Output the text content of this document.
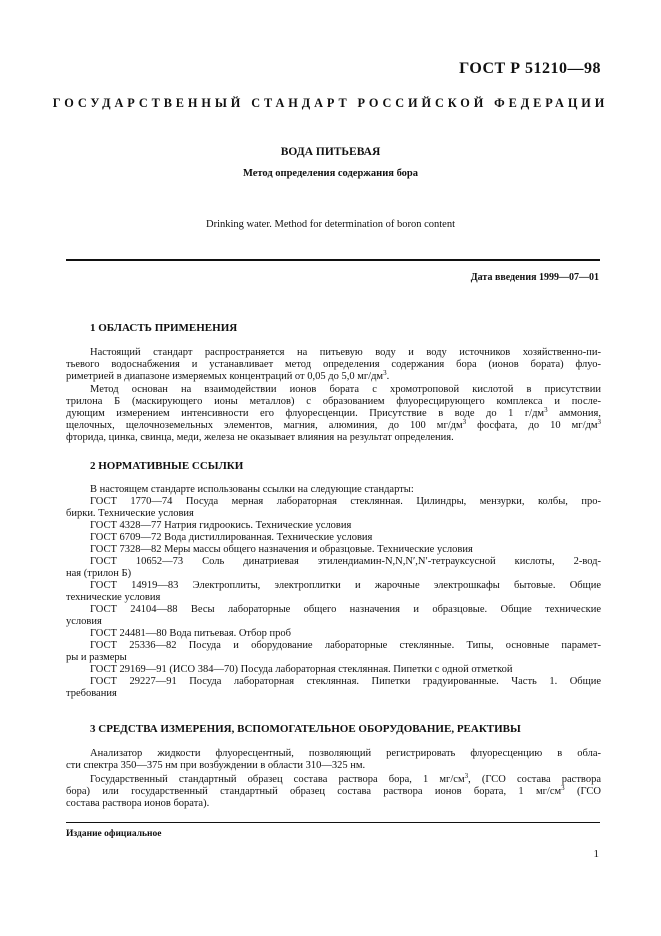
ГОСТ Р 51210—98
ГОСУДАРСТВЕННЫЙ СТАНДАРТ РОССИЙСКОЙ ФЕДЕРАЦИИ
ВОДА ПИТЬЕВАЯ
Метод определения содержания бора
Drinking water. Method for determination of boron content
Дата введения 1999—07—01
1 ОБЛАСТЬ ПРИМЕНЕНИЯ
Настоящий стандарт распространяется на питьевую воду и воду источников хозяйственно-пи-
тьевого водоснабжения и устанавливает метод определения содержания бора (ионов бората) флуо-
риметрией в диапазоне измеряемых концентраций от 0,05 до 5,0 $мг/дм^3$.
Метод основан на взаимодействии ионов бората с хромотроповой кислотой в присутствии
трилона Б (маскирующего ионы металлов) с образованием флуоресцирующего комплекса и после-
дующим измерением интенсивности его флуоресценции. Присутствие в воде до 1 $г/дм^3$ аммония,
щелочных, щелочноземельных элементов, магния, алюминия, до 100 $мг/дм^3$ фосфата, до 10 $мг/дм^3$
фторида, цинка, свинца, меди, железа не оказывает влияния на результат определения.
2 НОРМАТИВНЫЕ ССЫЛКИ
В настоящем стандарте использованы ссылки на следующие стандарты:
ГОСТ 1770—74 Посуда мерная лабораторная стеклянная. Цилиндры, мензурки, колбы, про-
бирки. Технические условия
ГОСТ 4328—77 Натрия гидроокись. Технические условия
ГОСТ 6709—72 Вода дистиллированная. Технические условия
ГОСТ 7328—82 Меры массы общего назначения и образцовые. Технические условия
ГОСТ 10652—73 Соль динатриевая этилендиамин-N,N,N′,N′-тетрауксусной кислоты, 2-вод-
ная (трилон Б)
ГОСТ 14919—83 Электроплиты, электроплитки и жарочные электрошкафы бытовые. Общие
технические условия
ГОСТ 24104—88 Весы лабораторные общего назначения и образцовые. Общие технические
условия
ГОСТ 24481—80 Вода питьевая. Отбор проб
ГОСТ 25336—82 Посуда и оборудование лабораторные стеклянные. Типы, основные парамет-
ры и размеры
ГОСТ 29169—91 (ИСО 384—70) Посуда лабораторная стеклянная. Пипетки с одной отметкой
ГОСТ 29227—91 Посуда лабораторная стеклянная. Пипетки градуированные. Часть 1. Общие
требования
3 СРЕДСТВА ИЗМЕРЕНИЯ, ВСПОМОГАТЕЛЬНОЕ ОБОРУДОВАНИЕ, РЕАКТИВЫ
Анализатор жидкости флуоресцентный, позволяющий регистрировать флуоресценцию в обла-
сти спектра 350—375 нм при возбуждении в области 310—325 нм.
Государственный стандартный образец состава раствора бора, 1 $мг/см^3$, (ГСО состава раствора
бора) или государственный стандартный образец состава раствора ионов бората, 1 $мг/см^3$ (ГСО
состава раствора ионов бората).
Издание официальное
1
